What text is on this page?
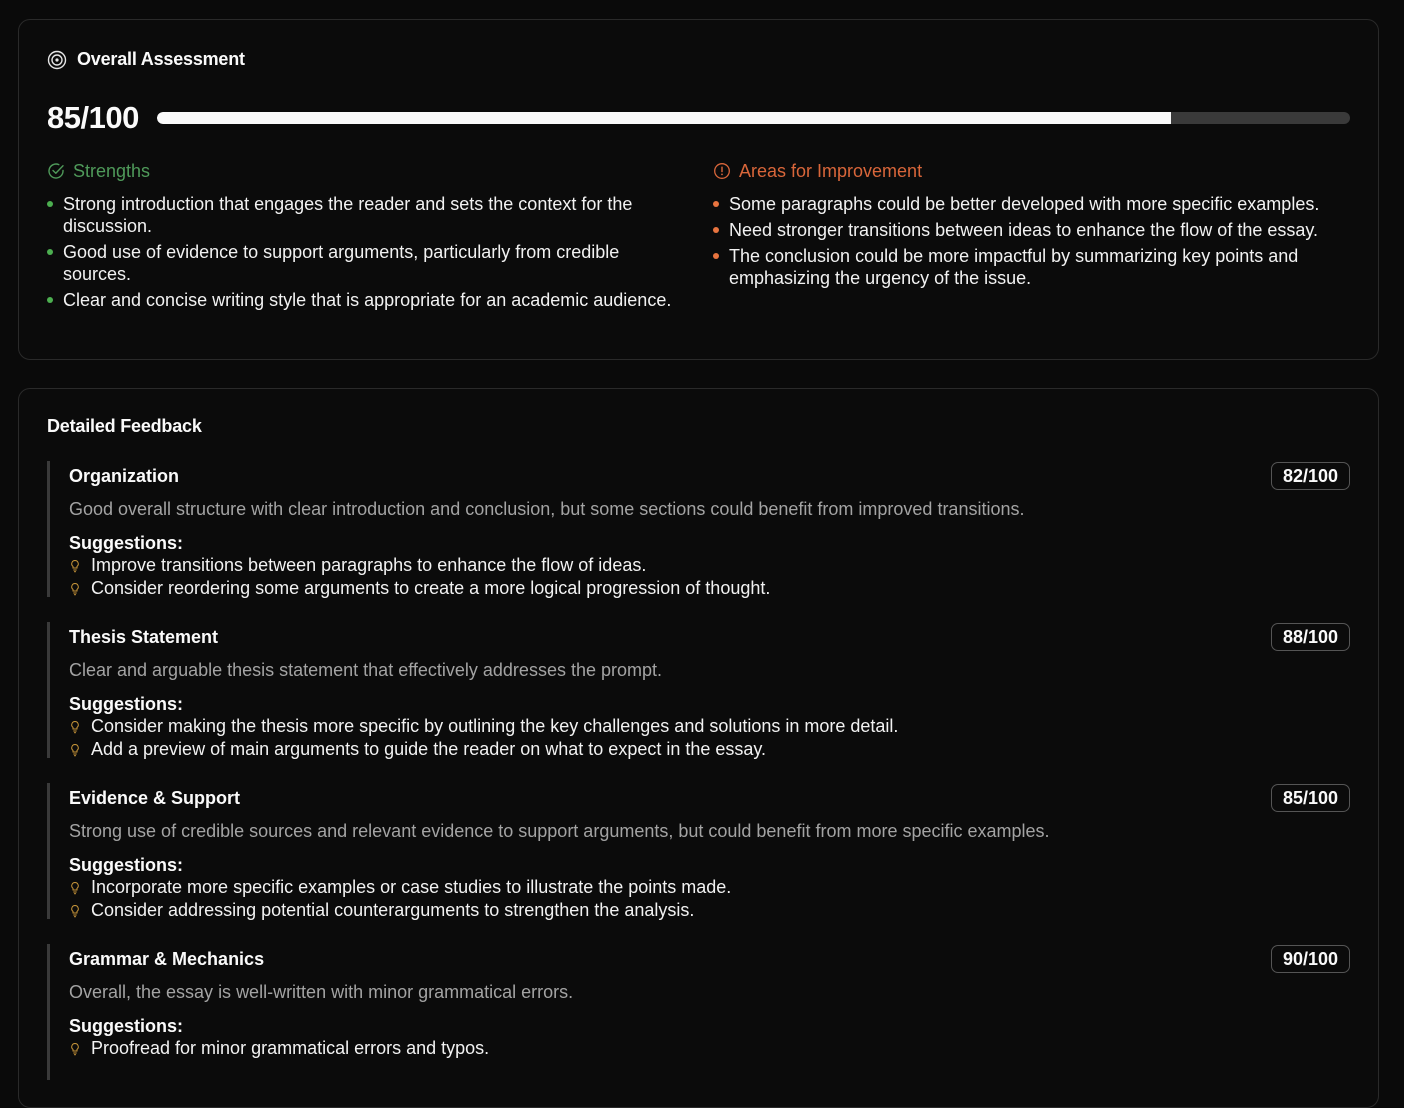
Overall Assessment
85/100
Strengths
Strong introduction that engages the reader and sets the context for the discussion.
Good use of evidence to support arguments, particularly from credible sources.
Clear and concise writing style that is appropriate for an academic audience.
Areas for Improvement
Some paragraphs could be better developed with more specific examples.
Need stronger transitions between ideas to enhance the flow of the essay.
The conclusion could be more impactful by summarizing key points and emphasizing the urgency of the issue.
Detailed Feedback
Organization	82/100
Good overall structure with clear introduction and conclusion, but some sections could benefit from improved transitions.
Suggestions:
Improve transitions between paragraphs to enhance the flow of ideas.
Consider reordering some arguments to create a more logical progression of thought.
Thesis Statement	88/100
Clear and arguable thesis statement that effectively addresses the prompt.
Suggestions:
Consider making the thesis more specific by outlining the key challenges and solutions in more detail.
Add a preview of main arguments to guide the reader on what to expect in the essay.
Evidence & Support	85/100
Strong use of credible sources and relevant evidence to support arguments, but could benefit from more specific examples.
Suggestions:
Incorporate more specific examples or case studies to illustrate the points made.
Consider addressing potential counterarguments to strengthen the analysis.
Grammar & Mechanics	90/100
Overall, the essay is well-written with minor grammatical errors.
Suggestions:
Proofread for minor grammatical errors and typos.
